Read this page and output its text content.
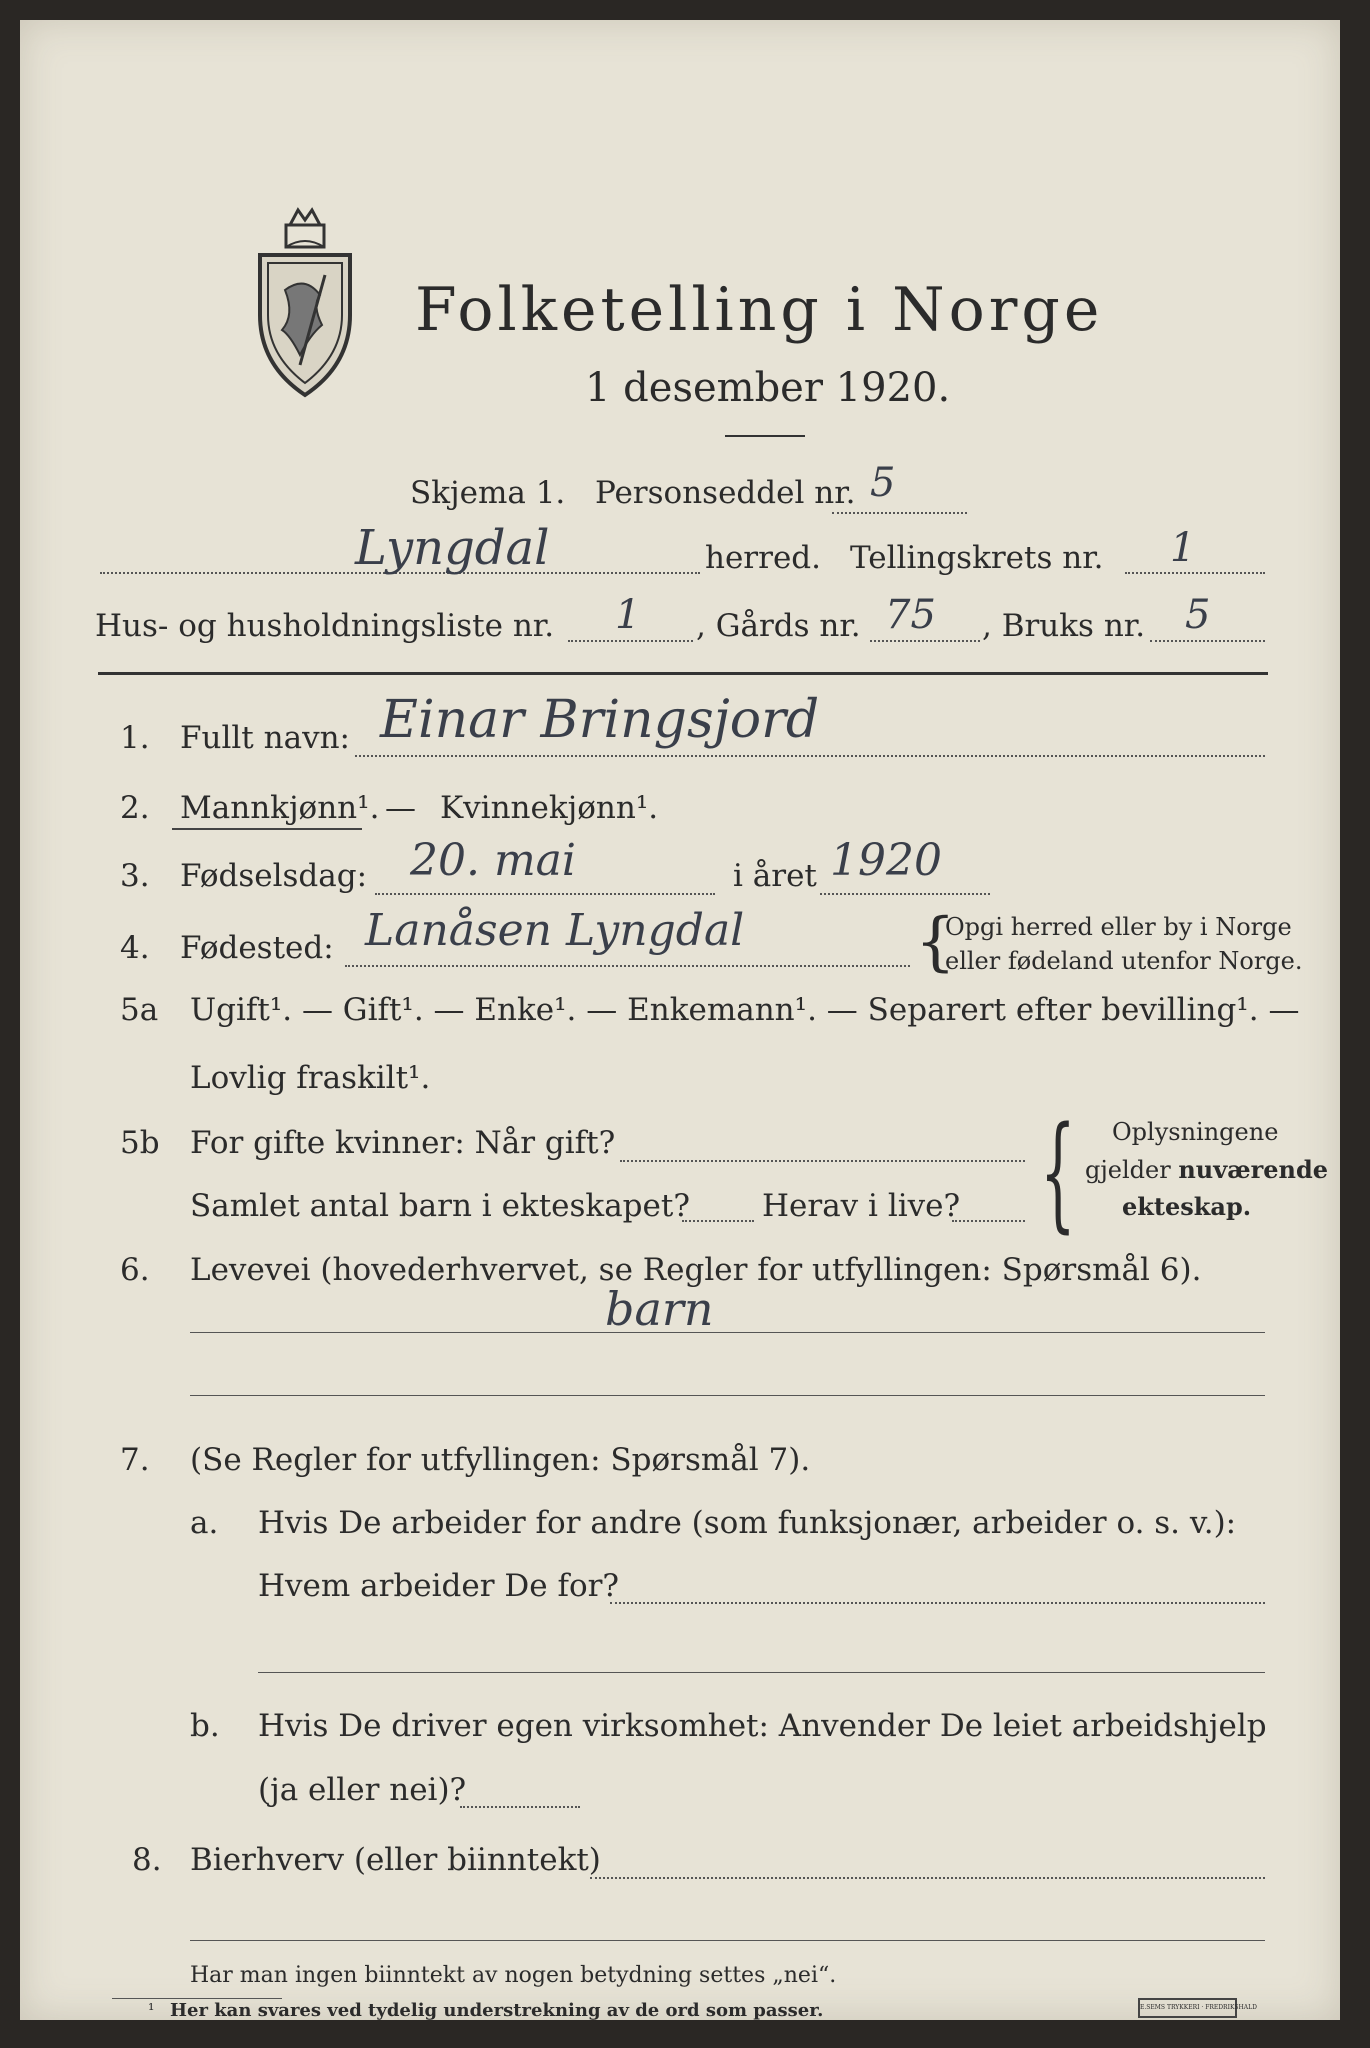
Folketelling i Norge
1 desember 1920.
Skjema 1. Personseddel nr. 5
Lyngdal	herred. Tellingskrets nr. 1
Hus- og husholdningsliste nr. 1 , Gårds nr. 75 , Bruks nr. 5
1. Fullt navn: Einar Bringsjord
2. Mannkjønn¹. — Kvinnekjønn¹.
3. Fødselsdag: 20. mai	i året 1920
4. Fødested: Lanåsen Lyngdal	{
Opgi herred eller by i Norge
eller fødeland utenfor Norge.
5a Ugift¹. — Gift¹. — Enke¹. — Enkemann¹. — Separert efter bevilling¹. —
Lovlig fraskilt¹.
5b For gifte kvinner: Når gift?
Samlet antal barn i ekteskapet? Herav i live? { Oplysningene
gjelder nuværende
ekteskap.
6. Levevei (hovederhvervet, se Regler for utfyllingen: Spørsmål 6).
barn
7. (Se Regler for utfyllingen: Spørsmål 7).
a. Hvis De arbeider for andre (som funksjonær, arbeider o. s. v.):
Hvem arbeider De for?
b. Hvis De driver egen virksomhet: Anvender De leiet arbeidshjelp
(ja eller nei)?
8. Bierhverv (eller biinntekt)
Har man ingen biinntekt av nogen betydning settes „nei“.
¹ Her kan svares ved tydelig understrekning av de ord som passer.	E.SEMS TRYKKERI · FREDRIKSHALD
